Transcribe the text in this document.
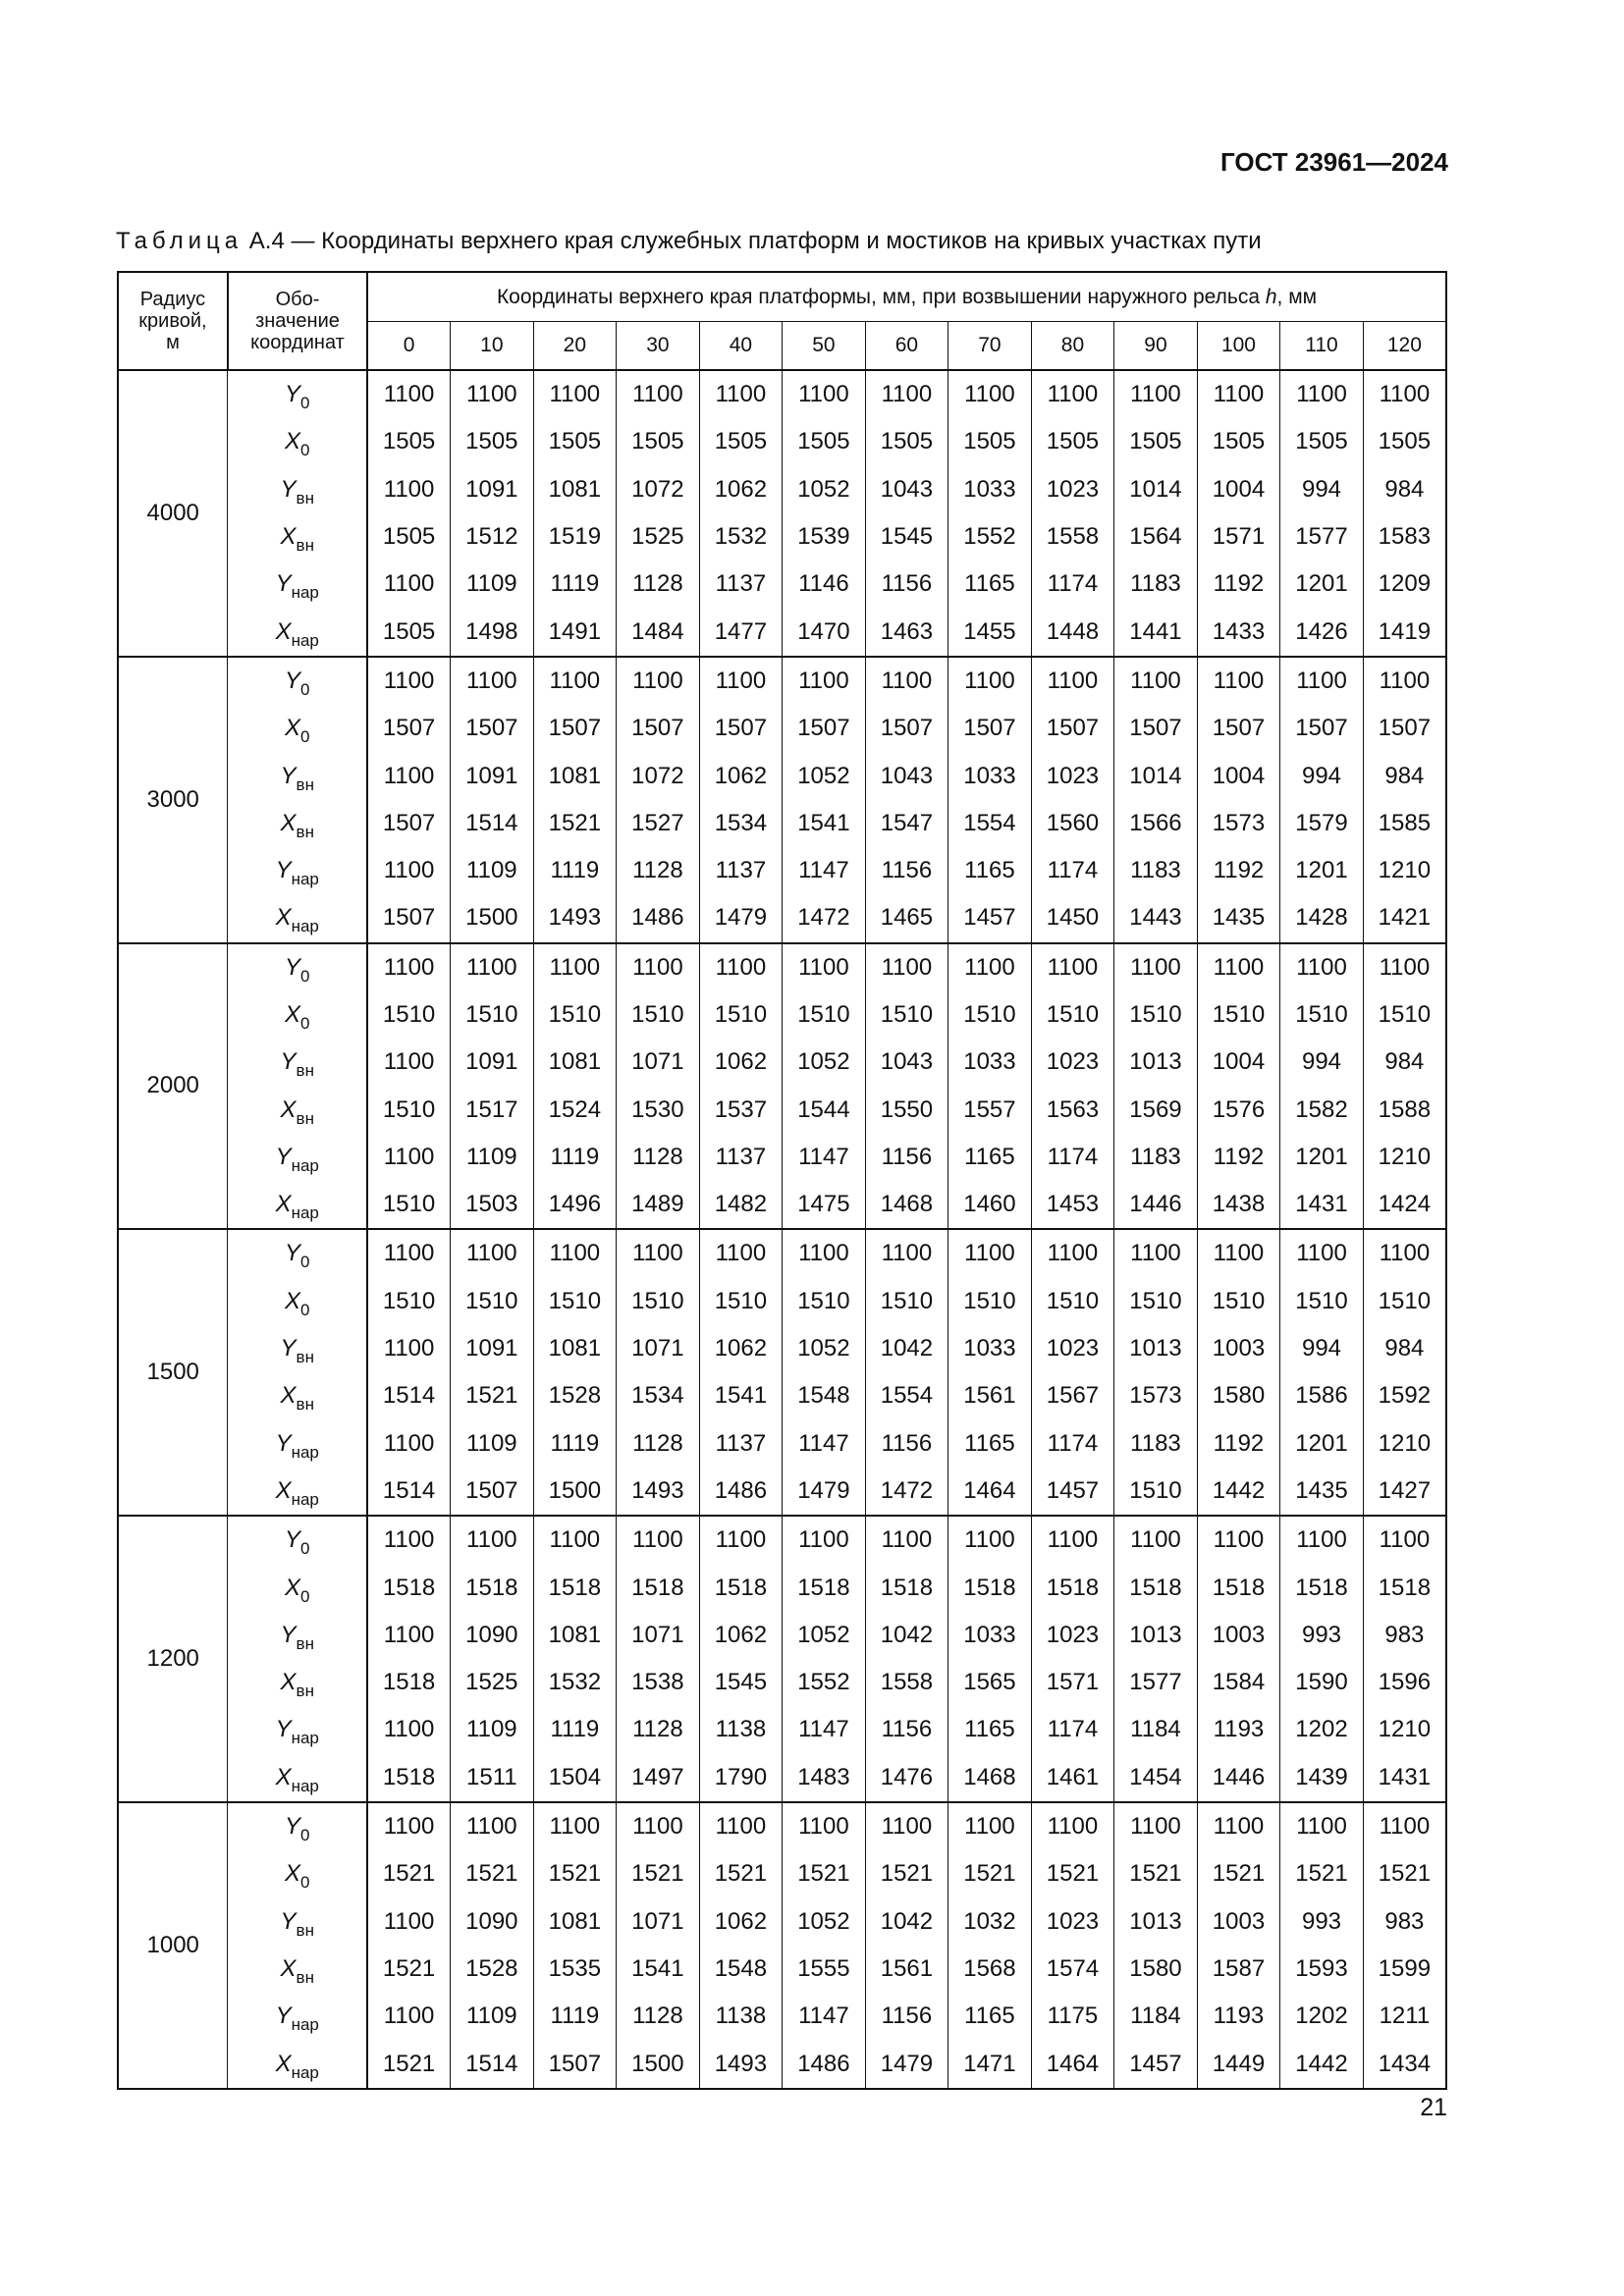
ГОСТ 23961—2024
Таблица А.4 — Координаты верхнего края служебных платформ и мостиков на кривых участках пути
Радиус
кривой,
м	Обо-
значение
координат	Координаты верхнего края платформы, мм, при возвышении наружного рельса h, мм												
		0	10	20	30	40	50	60	70	80	90	100	110	120
4000	$Y_0$	1100	1100	1100	1100	1100	1100	1100	1100	1100	1100	1100	1100	1100
	$X_0$	1505	1505	1505	1505	1505	1505	1505	1505	1505	1505	1505	1505	1505
	$Y_{вн}$	1100	1091	1081	1072	1062	1052	1043	1033	1023	1014	1004	994	984
	$X_{вн}$	1505	1512	1519	1525	1532	1539	1545	1552	1558	1564	1571	1577	1583
	$Y_{нар}$	1100	1109	1119	1128	1137	1146	1156	1165	1174	1183	1192	1201	1209
	$X_{нар}$	1505	1498	1491	1484	1477	1470	1463	1455	1448	1441	1433	1426	1419
3000	$Y_0$	1100	1100	1100	1100	1100	1100	1100	1100	1100	1100	1100	1100	1100
	$X_0$	1507	1507	1507	1507	1507	1507	1507	1507	1507	1507	1507	1507	1507
	$Y_{вн}$	1100	1091	1081	1072	1062	1052	1043	1033	1023	1014	1004	994	984
	$X_{вн}$	1507	1514	1521	1527	1534	1541	1547	1554	1560	1566	1573	1579	1585
	$Y_{нар}$	1100	1109	1119	1128	1137	1147	1156	1165	1174	1183	1192	1201	1210
	$X_{нар}$	1507	1500	1493	1486	1479	1472	1465	1457	1450	1443	1435	1428	1421
2000	$Y_0$	1100	1100	1100	1100	1100	1100	1100	1100	1100	1100	1100	1100	1100
	$X_0$	1510	1510	1510	1510	1510	1510	1510	1510	1510	1510	1510	1510	1510
	$Y_{вн}$	1100	1091	1081	1071	1062	1052	1043	1033	1023	1013	1004	994	984
	$X_{вн}$	1510	1517	1524	1530	1537	1544	1550	1557	1563	1569	1576	1582	1588
	$Y_{нар}$	1100	1109	1119	1128	1137	1147	1156	1165	1174	1183	1192	1201	1210
	$X_{нар}$	1510	1503	1496	1489	1482	1475	1468	1460	1453	1446	1438	1431	1424
1500	$Y_0$	1100	1100	1100	1100	1100	1100	1100	1100	1100	1100	1100	1100	1100
	$X_0$	1510	1510	1510	1510	1510	1510	1510	1510	1510	1510	1510	1510	1510
	$Y_{вн}$	1100	1091	1081	1071	1062	1052	1042	1033	1023	1013	1003	994	984
	$X_{вн}$	1514	1521	1528	1534	1541	1548	1554	1561	1567	1573	1580	1586	1592
	$Y_{нар}$	1100	1109	1119	1128	1137	1147	1156	1165	1174	1183	1192	1201	1210
	$X_{нар}$	1514	1507	1500	1493	1486	1479	1472	1464	1457	1510	1442	1435	1427
1200	$Y_0$	1100	1100	1100	1100	1100	1100	1100	1100	1100	1100	1100	1100	1100
	$X_0$	1518	1518	1518	1518	1518	1518	1518	1518	1518	1518	1518	1518	1518
	$Y_{вн}$	1100	1090	1081	1071	1062	1052	1042	1033	1023	1013	1003	993	983
	$X_{вн}$	1518	1525	1532	1538	1545	1552	1558	1565	1571	1577	1584	1590	1596
	$Y_{нар}$	1100	1109	1119	1128	1138	1147	1156	1165	1174	1184	1193	1202	1210
	$X_{нар}$	1518	1511	1504	1497	1790	1483	1476	1468	1461	1454	1446	1439	1431
1000	$Y_0$	1100	1100	1100	1100	1100	1100	1100	1100	1100	1100	1100	1100	1100
	$X_0$	1521	1521	1521	1521	1521	1521	1521	1521	1521	1521	1521	1521	1521
	$Y_{вн}$	1100	1090	1081	1071	1062	1052	1042	1032	1023	1013	1003	993	983
	$X_{вн}$	1521	1528	1535	1541	1548	1555	1561	1568	1574	1580	1587	1593	1599
	$Y_{нар}$	1100	1109	1119	1128	1138	1147	1156	1165	1175	1184	1193	1202	1211
	$X_{нар}$	1521	1514	1507	1500	1493	1486	1479	1471	1464	1457	1449	1442	1434
21
